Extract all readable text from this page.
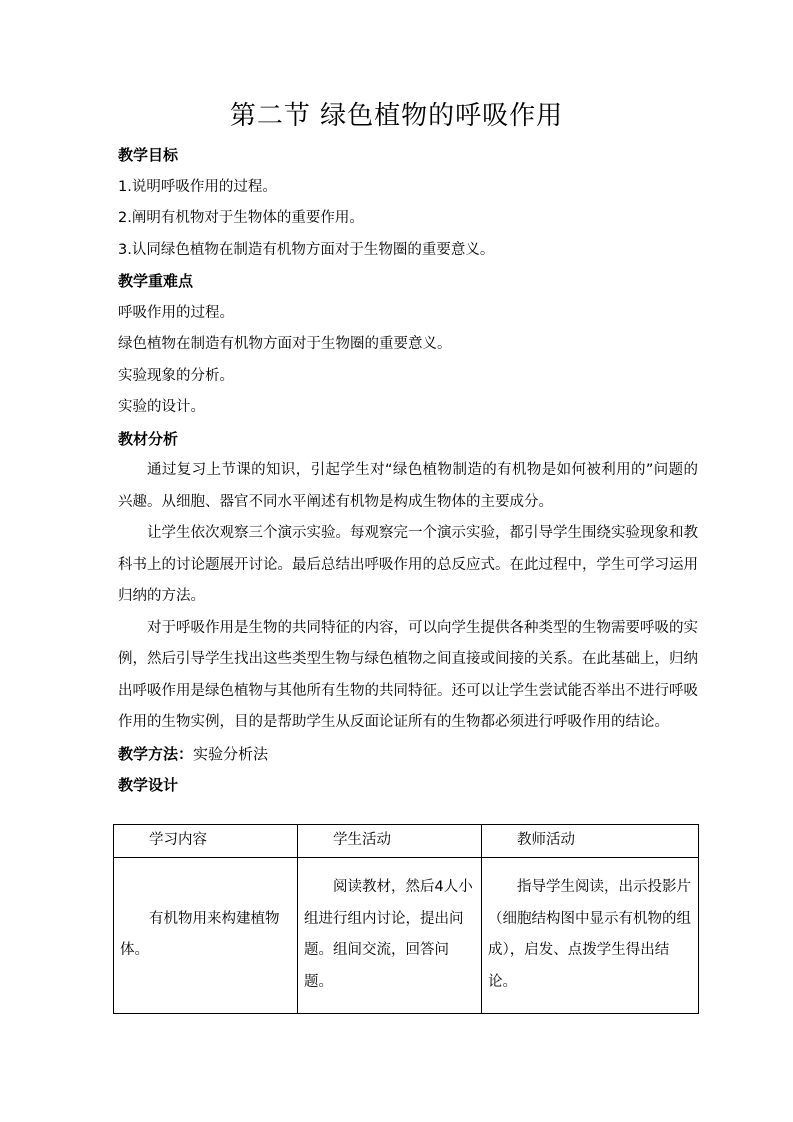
第二节 绿色植物的呼吸作用
教学目标
1.说明呼吸作用的过程。
2.阐明有机物对于生物体的重要作用。
3.认同绿色植物在制造有机物方面对于生物圈的重要意义。
教学重难点
呼吸作用的过程。
绿色植物在制造有机物方面对于生物圈的重要意义。
实验现象的分析。
实验的设计。
教材分析

通过复习上节课的知识，引起学生对“绿色植物制造的有机物是如何被利用的”问题的兴趣。从细胞、器官不同水平阐述有机物是构成生物体的主要成分。

让学生依次观察三个演示实验。每观察完一个演示实验，都引导学生围绕实验现象和教科书上的讨论题展开讨论。最后总结出呼吸作用的总反应式。在此过程中，学生可学习运用归纳的方法。

对于呼吸作用是生物的共同特征的内容，可以向学生提供各种类型的生物需要呼吸的实例，然后引导学生找出这些类型生物与绿色植物之间直接或间接的关系。在此基础上，归纳出呼吸作用是绿色植物与其他所有生物的共同特征。还可以让学生尝试能否举出不进行呼吸作用的生物实例，目的是帮助学生从反面论证所有的生物都必须进行呼吸作用的结论。

教学方法：实验分析法
教学设计
学习内容	学生活动	教师活动
有机物用来构建植物体。	阅读教材，然后4人小组进行组内讨论，提出问题。组间交流，回答问题。	指导学生阅读，出示投影片（细胞结构图中显示有机物的组成），启发、点拨学生得出结论。
